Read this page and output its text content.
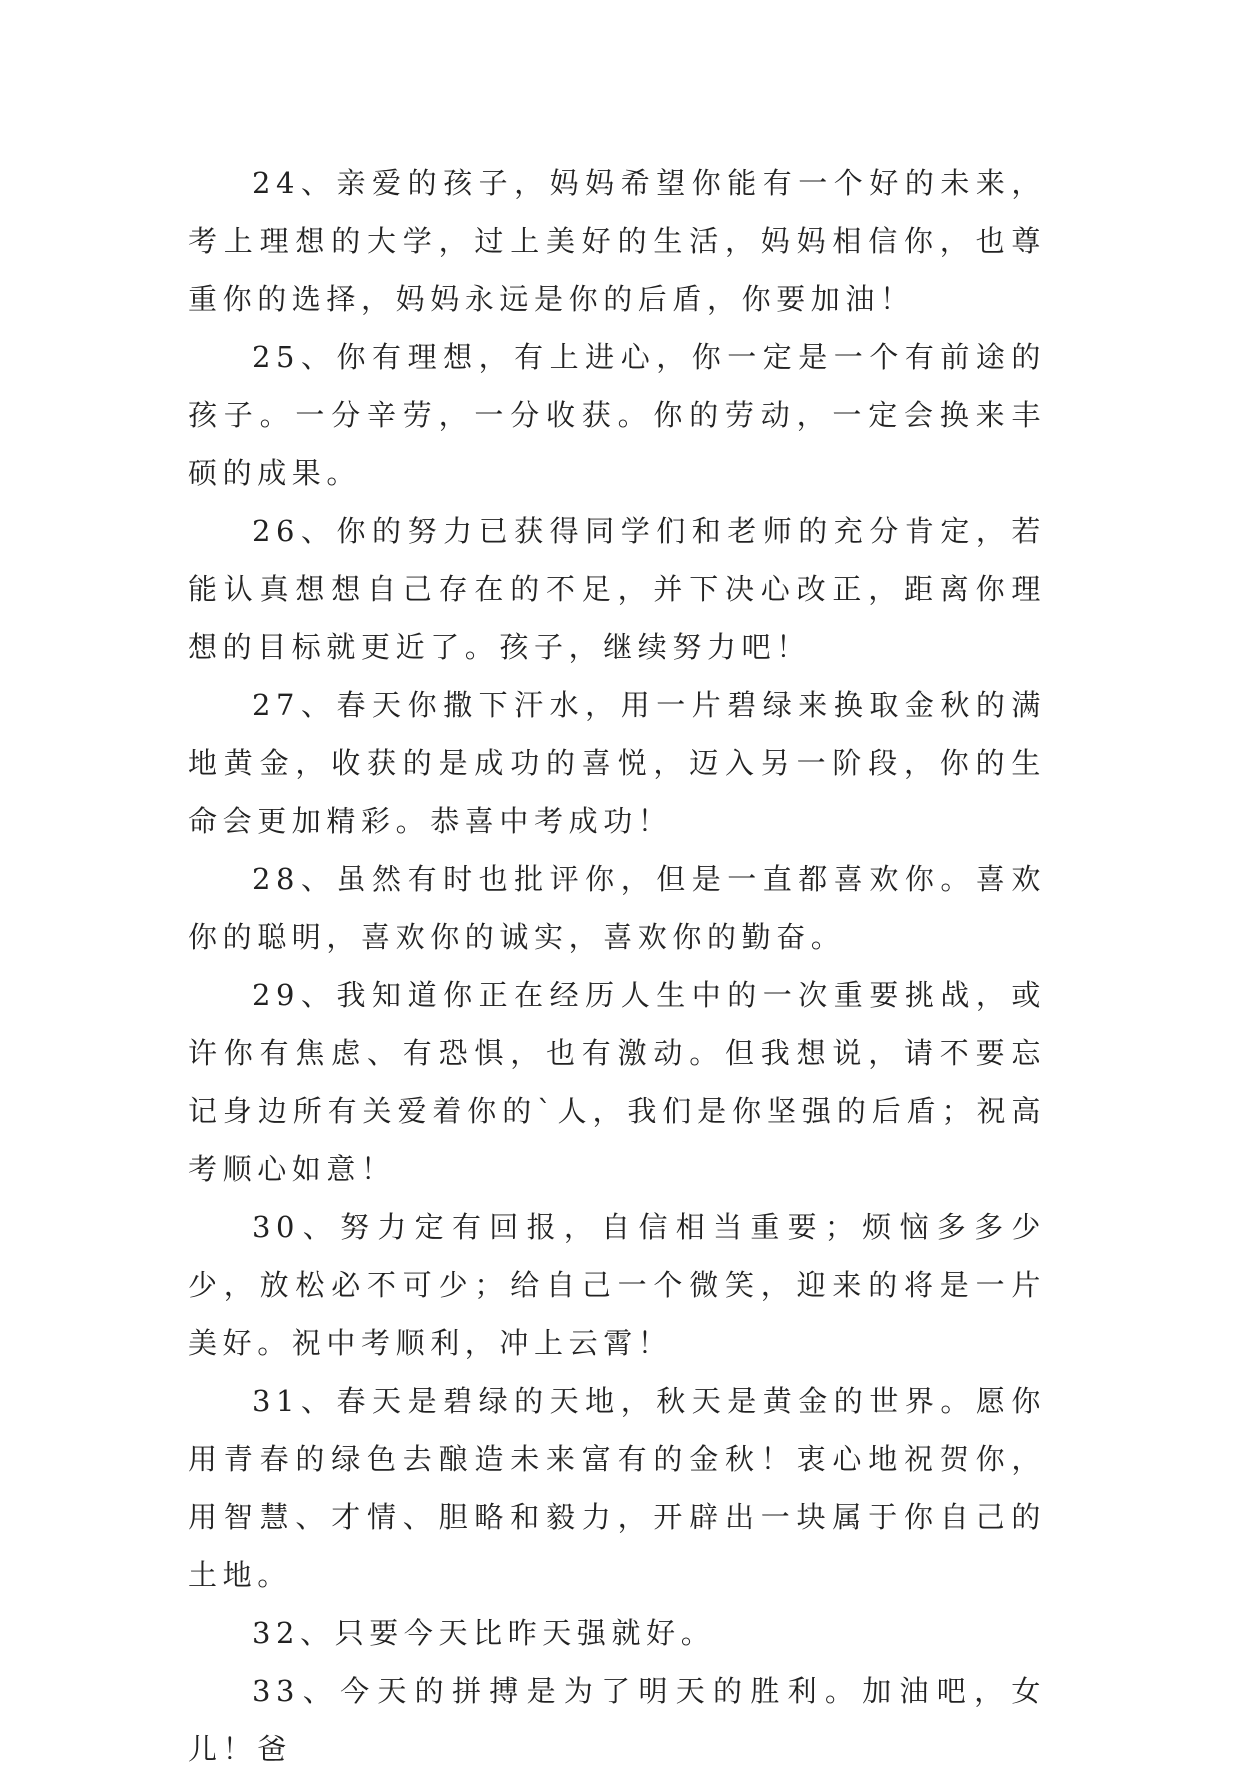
24、亲爱的孩子，妈妈希望你能有一个好的未来，考上理想的大学，过上美好的生活，妈妈相信你，也尊重你的选择，妈妈永远是你的后盾，你要加油！

25、你有理想，有上进心，你一定是一个有前途的孩子。一分辛劳，一分收获。你的劳动，一定会换来丰硕的成果。

26、你的努力已获得同学们和老师的充分肯定，若能认真想想自己存在的不足，并下决心改正，距离你理想的目标就更近了。孩子，继续努力吧！

27、春天你撒下汗水，用一片碧绿来换取金秋的满地黄金，收获的是成功的喜悦，迈入另一阶段，你的生命会更加精彩。恭喜中考成功！

28、虽然有时也批评你，但是一直都喜欢你。喜欢你的聪明，喜欢你的诚实，喜欢你的勤奋。

29、我知道你正在经历人生中的一次重要挑战，或许你有焦虑、有恐惧，也有激动。但我想说，请不要忘记身边所有关爱着你的`人，我们是你坚强的后盾；祝高考顺心如意！

30、努力定有回报，自信相当重要；烦恼多多少少，放松必不可少；给自己一个微笑，迎来的将是一片美好。祝中考顺利，冲上云霄！

31、春天是碧绿的天地，秋天是黄金的世界。愿你用青春的绿色去酿造未来富有的金秋！衷心地祝贺你，用智慧、才情、胆略和毅力，开辟出一块属于你自己的土地。

32、只要今天比昨天强就好。

33、今天的拼搏是为了明天的胜利。加油吧，女儿！爸
